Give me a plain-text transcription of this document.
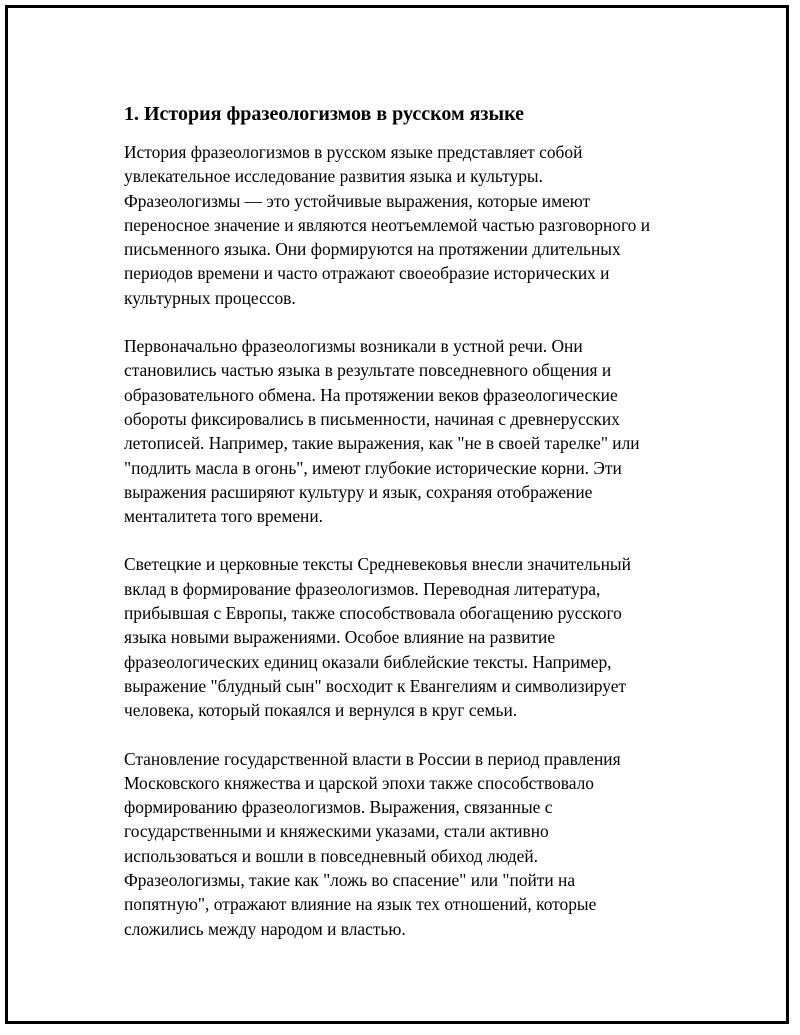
1. История фразеологизмов в русском языке

История фразеологизмов в русском языке представляет собой
увлекательное исследование развития языка и культуры.
Фразеологизмы — это устойчивые выражения, которые имеют
переносное значение и являются неотъемлемой частью разговорного и
письменного языка. Они формируются на протяжении длительных
периодов времени и часто отражают своеобразие исторических и
культурных процессов.

Первоначально фразеологизмы возникали в устной речи. Они
становились частью языка в результате повседневного общения и
образовательного обмена. На протяжении веков фразеологические
обороты фиксировались в письменности, начиная с древнерусских
летописей. Например, такие выражения, как "не в своей тарелке" или
"подлить масла в огонь", имеют глубокие исторические корни. Эти
выражения расширяют культуру и язык, сохраняя отображение
менталитета того времени.

Светецкие и церковные тексты Средневековья внесли значительный
вклад в формирование фразеологизмов. Переводная литература,
прибывшая с Европы, также способствовала обогащению русского
языка новыми выражениями. Особое влияние на развитие
фразеологических единиц оказали библейские тексты. Например,
выражение "блудный сын" восходит к Евангелиям и символизирует
человека, который покаялся и вернулся в круг семьи.

Становление государственной власти в России в период правления
Московского княжества и царской эпохи также способствовало
формированию фразеологизмов. Выражения, связанные с
государственными и княжескими указами, стали активно
использоваться и вошли в повседневный обиход людей.
Фразеологизмы, такие как "ложь во спасение" или "пойти на
попятную", отражают влияние на язык тех отношений, которые
сложились между народом и властью.
